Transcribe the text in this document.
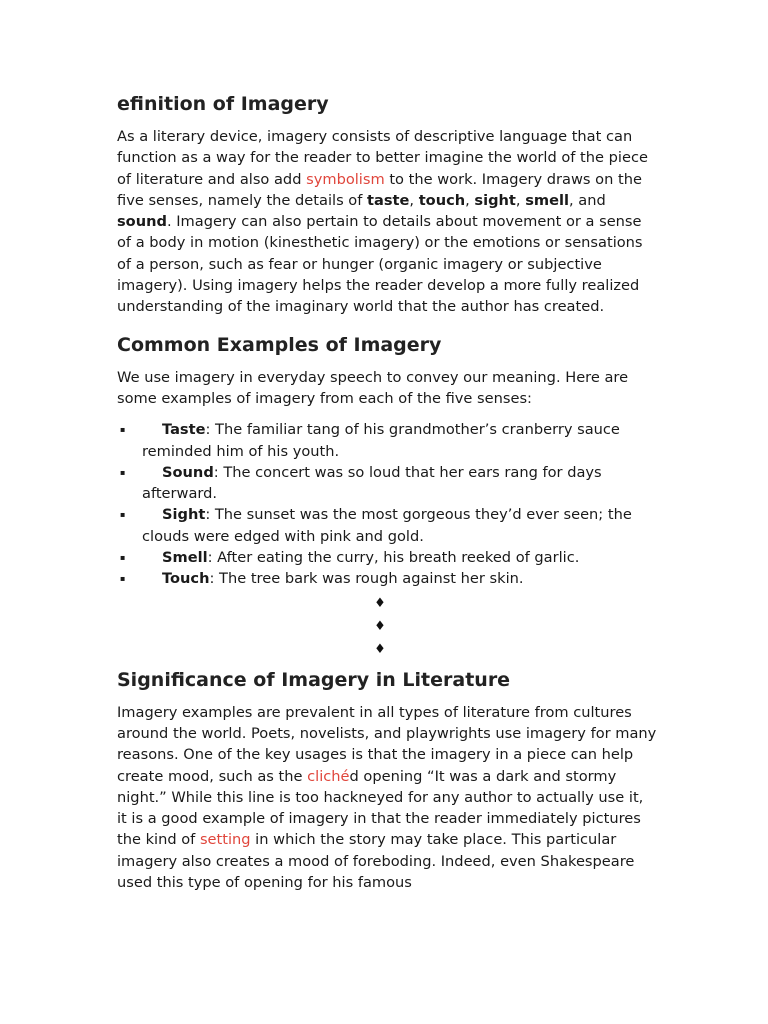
efinition of Imagery

As a literary device, imagery consists of descriptive language that can function as a way for the reader to better imagine the world of the piece of literature and also add symbolism to the work. Imagery draws on the five senses, namely the details of taste, touch, sight, smell, and sound. Imagery can also pertain to details about movement or a sense of a body in motion (kinesthetic imagery) or the emotions or sensations of a person, such as fear or hunger (organic imagery or subjective imagery). Using imagery helps the reader develop a more fully realized understanding of the imaginary world that the author has created.

Common Examples of Imagery

We use imagery in everyday speech to convey our meaning. Here are some examples of imagery from each of the five senses:

▪	Taste: The familiar tang of his grandmother’s cranberry sauce reminded him of his youth.
▪	Sound: The concert was so loud that her ears rang for days afterward.
▪	Sight: The sunset was the most gorgeous they’d ever seen; the clouds were edged with pink and gold.
▪	Smell: After eating the curry, his breath reeked of garlic.
▪	Touch: The tree bark was rough against her skin.
♦
♦
♦
Significance of Imagery in Literature

Imagery examples are prevalent in all types of literature from cultures around the world. Poets, novelists, and playwrights use imagery for many reasons. One of the key usages is that the imagery in a piece can help create mood, such as the clichéd opening “It was a dark and stormy night.” While this line is too hackneyed for any author to actually use it, it is a good example of imagery in that the reader immediately pictures the kind of setting in which the story may take place. This particular imagery also creates a mood of foreboding. Indeed, even Shakespeare used this type of opening for his famous
